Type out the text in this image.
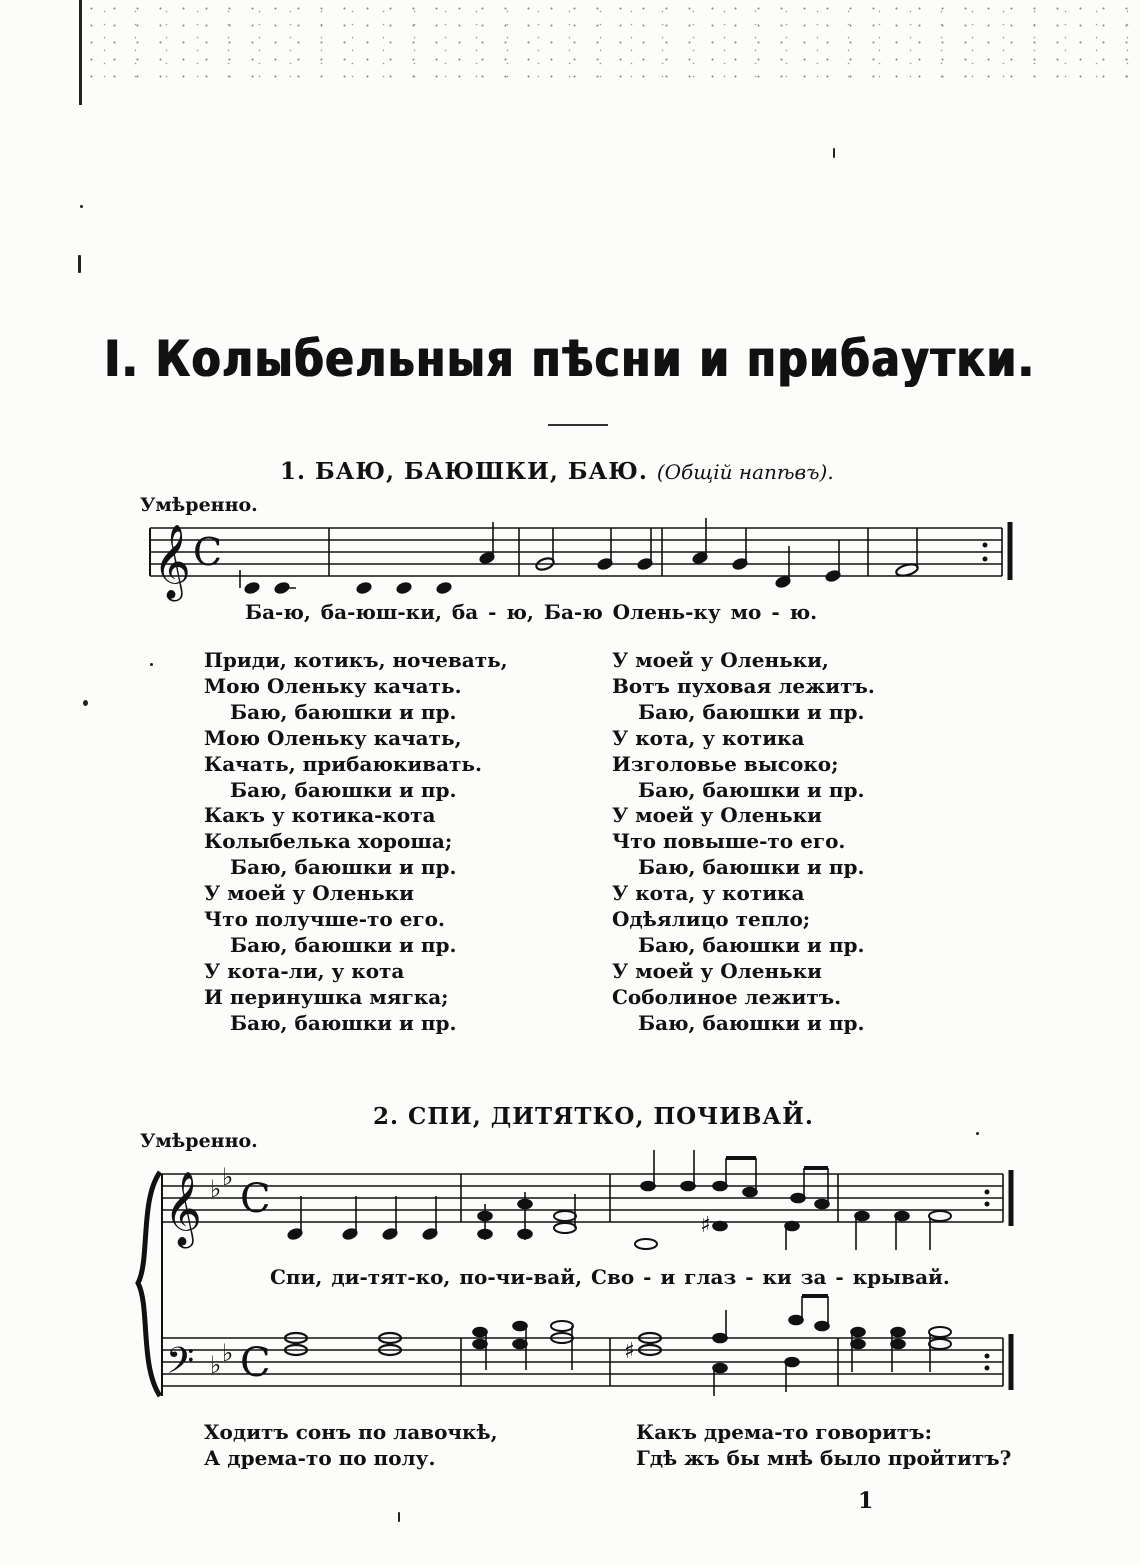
I. Колыбельныя пѣсни и прибаутки.
1. БАЮ, БАЮШКИ, БАЮ. (Общій напѣвъ).
Умѣренно.
𝄞 C
𝄞
𝄢
♭ ♭
♭ ♭
C
C
♯
♯
Ба-ю, ба-юш-ки, ба - ю, Ба-ю Олень-ку мо - ю.
Приди, котикъ, ночевать,
Мою Оленьку качать.
Баю, баюшки и пр.
Мою Оленьку качать,
Качать, прибаюкивать.
Баю, баюшки и пр.
Какъ у котика-кота
Колыбелька хороша;
Баю, баюшки и пр.
У моей у Оленьки
Что получше-то его.
Баю, баюшки и пр.
У кота-ли, у кота
И перинушка мягка;
Баю, баюшки и пр.
У моей у Оленьки,
Вотъ пуховая лежитъ.
Баю, баюшки и пр.
У кота, у котика
Изголовье высоко;
Баю, баюшки и пр.
У моей у Оленьки
Что повыше-то его.
Баю, баюшки и пр.
У кота, у котика
Одѣялицо тепло;
Баю, баюшки и пр.
У моей у Оленьки
Соболиное лежитъ.
Баю, баюшки и пр.
2. СПИ, ДИТЯТКО, ПОЧИВАЙ.
Умѣренно.
Спи, ди-тят-ко, по-чи-вай, Сво - и глаз - ки за - крывай.
Ходитъ сонъ по лавочкѣ,
А дрема-то по полу.
Какъ дрема-то говоритъ:
Гдѣ жъ бы мнѣ было пройтитъ?
1
